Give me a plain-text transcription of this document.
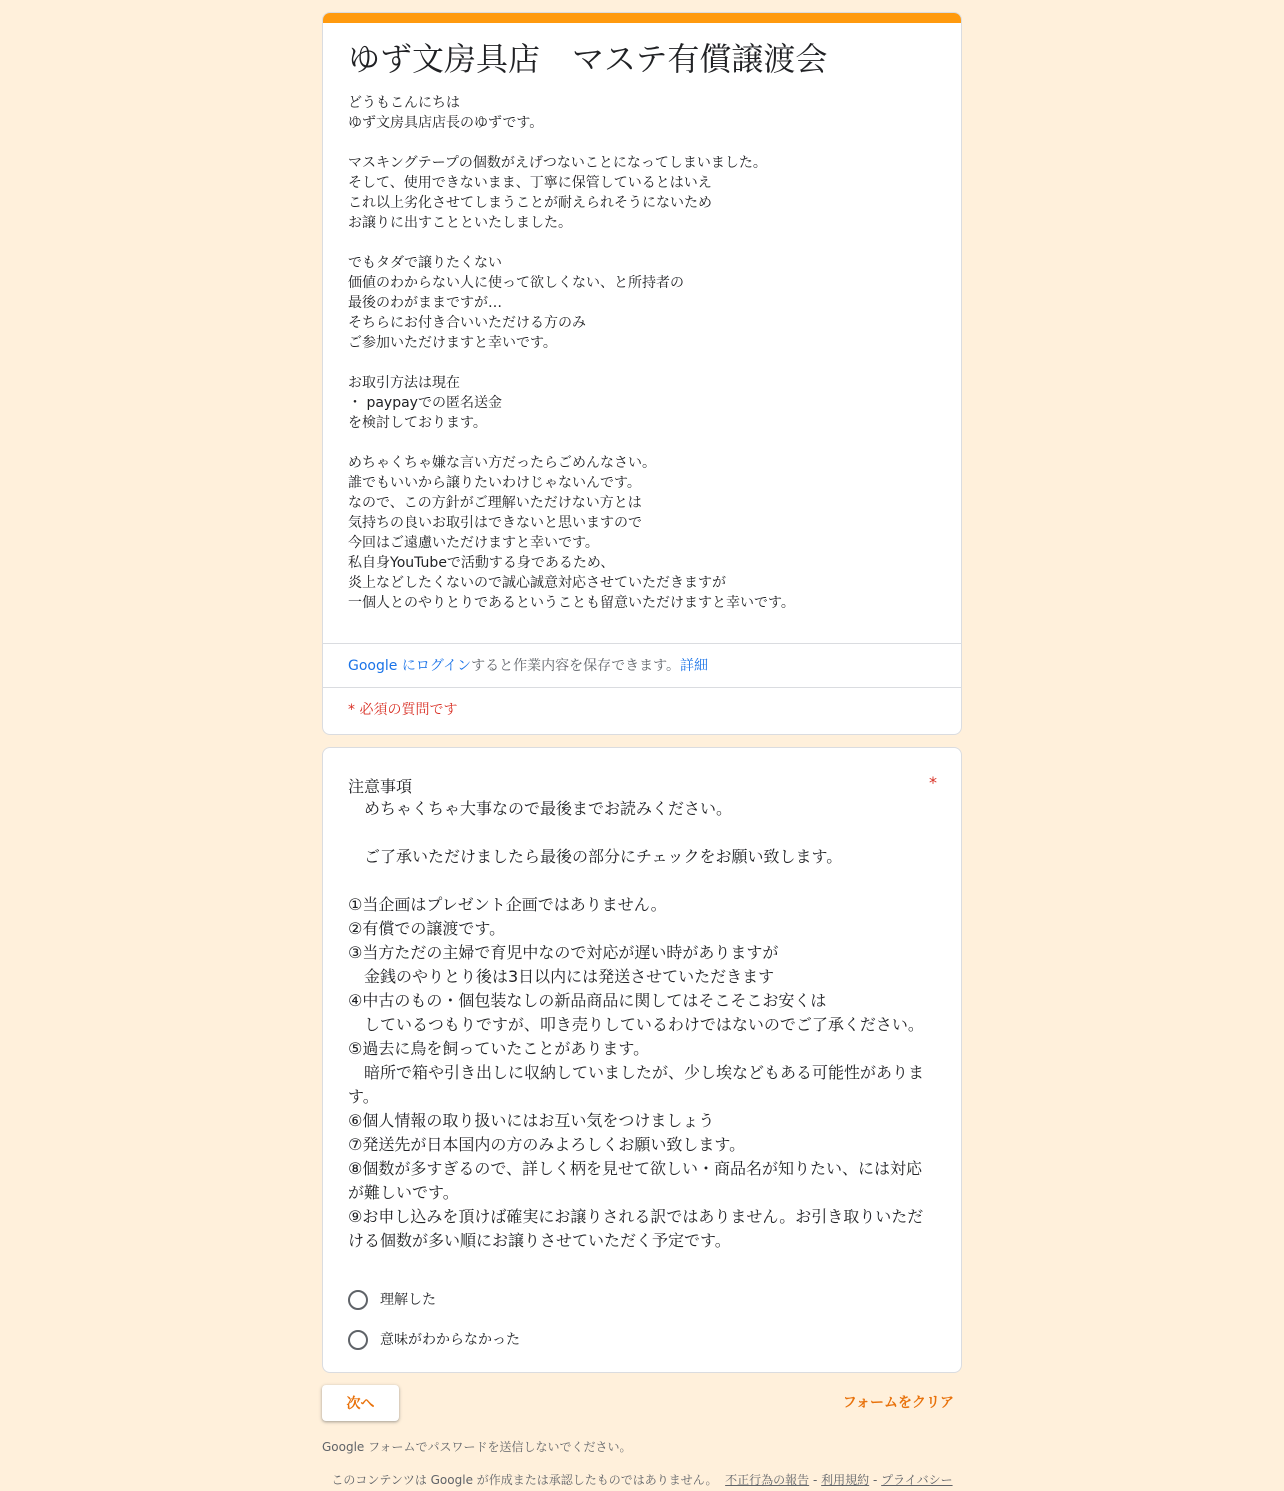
ゆず文房具店　マステ有償譲渡会
どうもこんにちは
ゆず文房具店店長のゆずです。
マスキングテープの個数がえげつないことになってしまいました。
そして、使用できないまま、丁寧に保管しているとはいえ
これ以上劣化させてしまうことが耐えられそうにないため
お譲りに出すことといたしました。
でもタダで譲りたくない
価値のわからない人に使って欲しくない、と所持者の
最後のわがままですが…
そちらにお付き合いいただける方のみ
ご参加いただけますと幸いです。
お取引方法は現在
・ paypayでの匿名送金
を検討しております。
めちゃくちゃ嫌な言い方だったらごめんなさい。
誰でもいいから譲りたいわけじゃないんです。
なので、この方針がご理解いただけない方とは
気持ちの良いお取引はできないと思いますので
今回はご遠慮いただけますと幸いです。
私自身YouTubeで活動する身であるため、
炎上などしたくないので誠心誠意対応させていただきますが
一個人とのやりとりであるということも留意いただけますと幸いです。
Google にログインすると作業内容を保存できます。詳細
* 必須の質問です
注意事項	*
　めちゃくちゃ大事なので最後までお読みください。
　ご了承いただけましたら最後の部分にチェックをお願い致します。
①当企画はプレゼント企画ではありません。
②有償での譲渡です。
③当方ただの主婦で育児中なので対応が遅い時がありますが
　金銭のやりとり後は3日以内には発送させていただきます
④中古のもの・個包装なしの新品商品に関してはそこそこお安くは
　しているつもりですが、叩き売りしているわけではないのでご了承ください。
⑤過去に鳥を飼っていたことがあります。
　暗所で箱や引き出しに収納していましたが、少し埃などもある可能性があります。
⑥個人情報の取り扱いにはお互い気をつけましょう
⑦発送先が日本国内の方のみよろしくお願い致します。
⑧個数が多すぎるので、詳しく柄を見せて欲しい・商品名が知りたい、には対応が難しいです。
⑨お申し込みを頂けば確実にお譲りされる訳ではありません。お引き取りいただける個数が多い順にお譲りさせていただく予定です。
理解した
意味がわからなかった
次へ	フォームをクリア
Google フォームでパスワードを送信しないでください。
このコンテンツは Google が作成または承認したものではありません。 不正行為の報告 - 利用規約 - プライバシー
